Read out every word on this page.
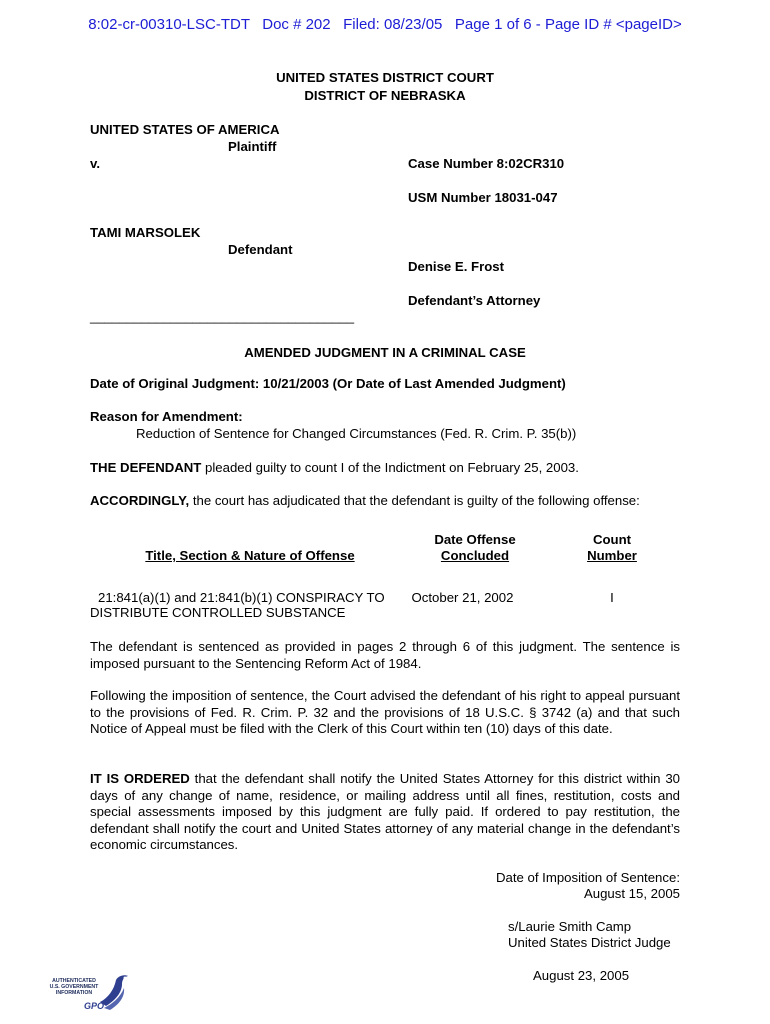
8:02-cr-00310-LSC-TDT Doc # 202 Filed: 08/23/05 Page 1 of 6 - Page ID # <pageID>
UNITED STATES DISTRICT COURT
DISTRICT OF NEBRASKA
UNITED STATES OF AMERICA
Plaintiff
v.
TAMI MARSOLEK
Defendant
____________________________________
Case Number 8:02CR310
USM Number 18031-047
Denise E. Frost
Defendant’s Attorney
AMENDED JUDGMENT IN A CRIMINAL CASE
Date of Original Judgment: 10/21/2003 (Or Date of Last Amended Judgment)
Reason for Amendment:
Reduction of Sentence for Changed Circumstances (Fed. R. Crim. P. 35(b))
THE DEFENDANT pleaded guilty to count I of the Indictment on February 25, 2003.
ACCORDINGLY, the court has adjudicated that the defendant is guilty of the following offense:
Title, Section & Nature of Offense
Date Offense
Concluded
Count
Number
21:841(a)(1) and 21:841(b)(1) CONSPIRACY TO
DISTRIBUTE CONTROLLED SUBSTANCE
October 21, 2002	I
The defendant is sentenced as provided in pages 2 through 6 of this judgment. The sentence is imposed pursuant to the Sentencing Reform Act of 1984.
Following the imposition of sentence, the Court advised the defendant of his right to appeal pursuant to the provisions of Fed. R. Crim. P. 32 and the provisions of 18 U.S.C. § 3742 (a) and that such Notice of Appeal must be filed with the Clerk of this Court within ten (10) days of this date.
IT IS ORDERED that the defendant shall notify the United States Attorney for this district within 30 days of any change of name, residence, or mailing address until all fines, restitution, costs and special assessments imposed by this judgment are fully paid. If ordered to pay restitution, the defendant shall notify the court and United States attorney of any material change in the defendant’s economic circumstances.
Date of Imposition of Sentence:
August 15, 2005
s/Laurie Smith Camp
United States District Judge
August 23, 2005
AUTHENTICATED
U.S. GOVERNMENT
INFORMATION
GPO
